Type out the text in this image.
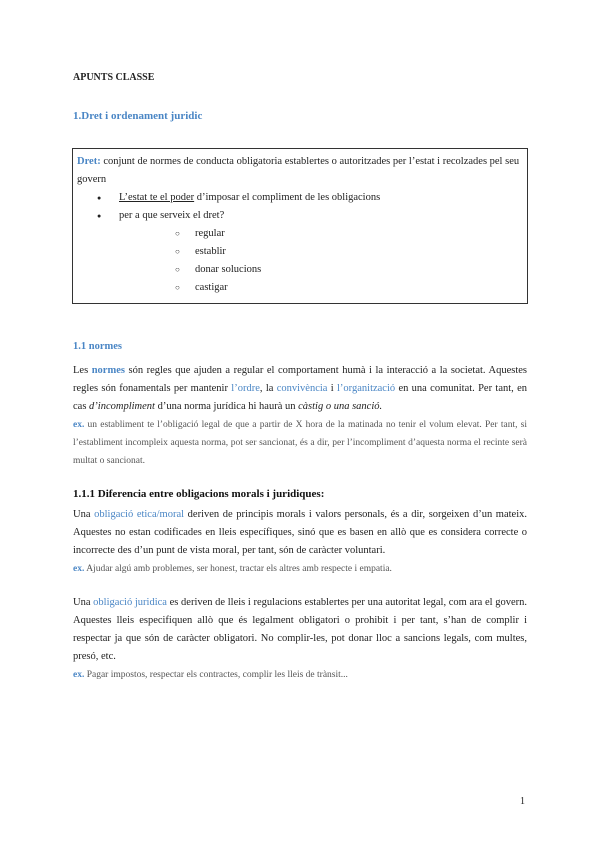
APUNTS CLASSE
1.Dret i ordenament juridic
Dret: conjunt de normes de conducta obligatoria establertes o autoritzades per l’estat i recolzades pel seu govern
● L’estat te el poder d’imposar el compliment de les obligacions
● per a que serveix el dret?
○ regular
○ establir
○ donar solucions
○ castigar
1.1 normes
Les normes són regles que ajuden a regular el comportament humà i la interacció a la societat. Aquestes regles són fonamentals per mantenir l’ordre, la convivència i l’organització en una comunitat. Per tant, en cas d’incompliment d’una norma jurídica hi haurà un càstig o una sanció.
ex. un establiment te l’obligació legal de que a partir de X hora de la matinada no tenir el volum elevat. Per tant, si l’establiment incompleix aquesta norma, pot ser sancionat, és a dir, per l’incompliment d’aquesta norma el recinte serà multat o sancionat.
1.1.1 Diferencia entre obligacions morals i juridiques:
Una obligació etica/moral deriven de principis morals i valors personals, és a dir, sorgeixen d’un mateix. Aquestes no estan codificades en lleis específiques, sinó que es basen en allò que es considera correcte o incorrecte des d’un punt de vista moral, per tant, són de caràcter voluntari.
ex. Ajudar algú amb problemes, ser honest, tractar els altres amb respecte i empatia.
Una obligació juridica es deriven de lleis i regulacions establertes per una autoritat legal, com ara el govern. Aquestes lleis especifiquen allò que és legalment obligatori o prohibit i per tant, s’han de complir i respectar ja que són de caràcter obligatori. No complir-les, pot donar lloc a sancions legals, com multes, presó, etc.
ex. Pagar impostos, respectar els contractes, complir les lleis de trànsit...
1
